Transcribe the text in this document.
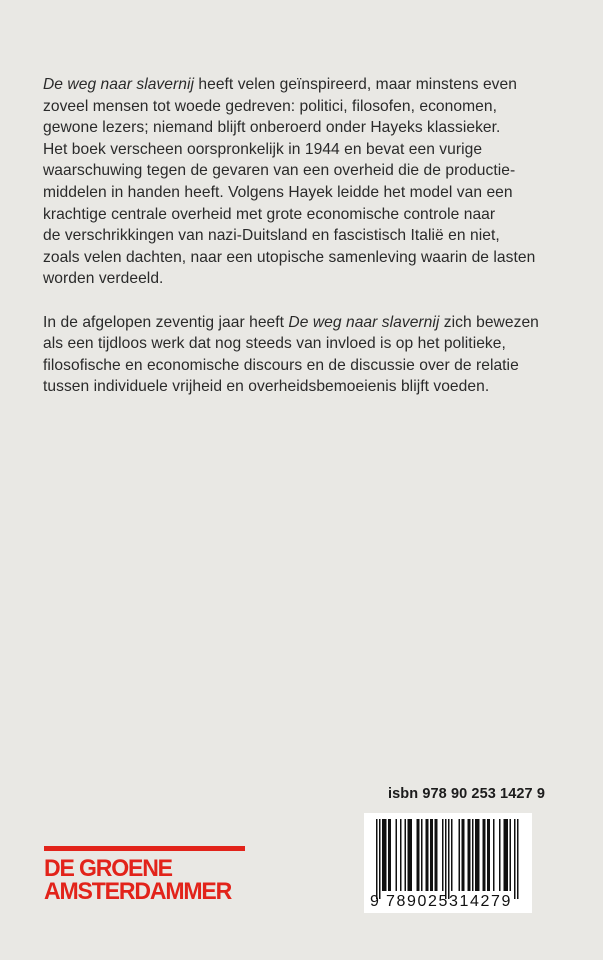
De weg naar slavernij heeft velen geïnspireerd, maar minstens even
zoveel mensen tot woede gedreven: politici, filosofen, economen,
gewone lezers; niemand blijft onberoerd onder Hayeks klassieker.
Het boek verscheen oorspronkelijk in 1944 en bevat een vurige
waarschuwing tegen de gevaren van een overheid die de productie-
middelen in handen heeft. Volgens Hayek leidde het model van een
krachtige centrale overheid met grote economische controle naar
de verschrikkingen van nazi-Duitsland en fascistisch Italië en niet,
zoals velen dachten, naar een utopische samenleving waarin de lasten
worden verdeeld.

In de afgelopen zeventig jaar heeft De weg naar slavernij zich bewezen
als een tijdloos werk dat nog steeds van invloed is op het politieke,
filosofische en economische discours en de discussie over de relatie
tussen individuele vrijheid en overheidsbemoeienis blijft voeden.

isbn 978 90 253 1427 9
9 789025314279
DE GROENE
AMSTERDAMMER
